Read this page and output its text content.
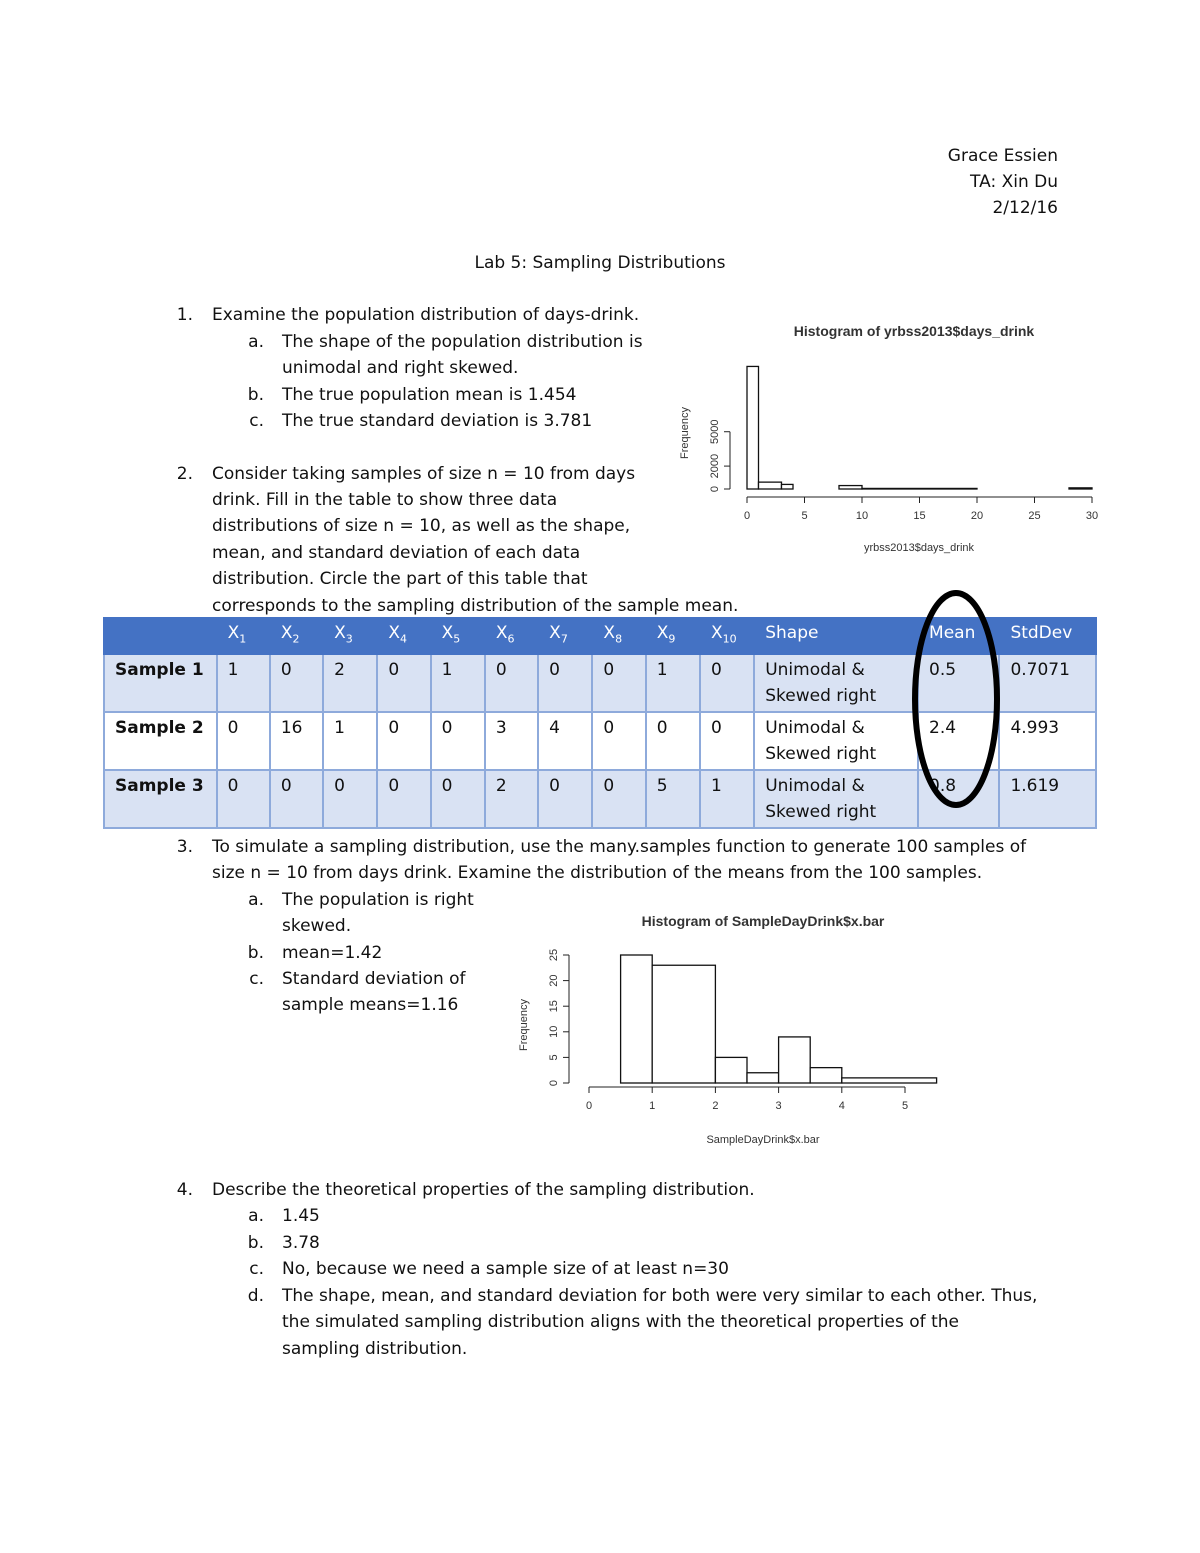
Grace Essien
TA: Xin Du
2/12/16
Lab 5: Sampling Distributions
1. Examine the population distribution of days-drink.
a. The shape of the population distribution is
unimodal and right skewed.
b. The true population mean is 1.454
c. The true standard deviation is 3.781
Histogram of yrbss2013$days_drink
yrbss2013$days_drink
Frequency
0	5	10	15	20	25	30
0
2000
5000
2. Consider taking samples of size n = 10 from days
drink. Fill in the table to show three data
distributions of size n = 10, as well as the shape,
mean, and standard deviation of each data
distribution. Circle the part of this table that
corresponds to the sampling distribution of the sample mean.
	$X_1$	$X_2$	$X_3$	$X_4$	$X_5$	$X_6$	$X_7$	$X_8$	$X_9$	$X_{10}$	Shape	Mean	StdDev
Sample 1	1	0	2	0	1	0	0	0	1	0	Unimodal &
Skewed right	0.5	0.7071
Sample 2	0	16	1	0	0	3	4	0	0	0	Unimodal &
Skewed right	2.4	4.993
Sample 3	0	0	0	0	0	2	0	0	5	1	Unimodal &
Skewed right	0.8	1.619
3. To simulate a sampling distribution, use the many.samples function to generate 100 samples of
size n = 10 from days drink. Examine the distribution of the means from the 100 samples.
a. The population is right
skewed.
b. mean=1.42
c. Standard deviation of
sample means=1.16
Histogram of SampleDayDrink$x.bar
SampleDayDrink$x.bar
Frequency
0	1	2	3	4	5
0
5
10
15
20
25
4. Describe the theoretical properties of the sampling distribution.
a. 1.45
b. 3.78
c. No, because we need a sample size of at least n=30
d. The shape, mean, and standard deviation for both were very similar to each other. Thus,
the simulated sampling distribution aligns with the theoretical properties of the
sampling distribution.
